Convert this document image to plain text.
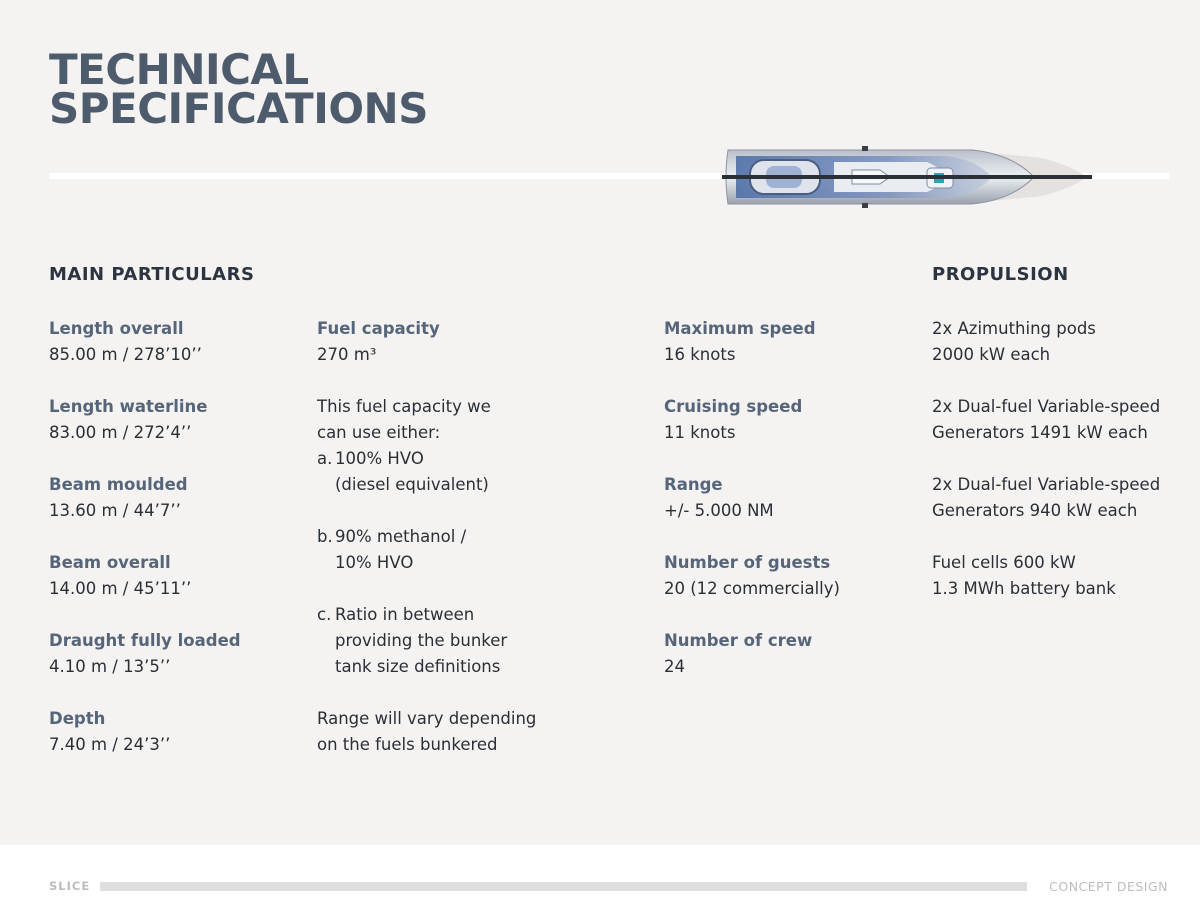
TECHNICAL
SPECIFICATIONS
MAIN PARTICULARS	PROPULSION
Length overall
85.00 m / 278’10’’
Length waterline
83.00 m / 272’4’’
Beam moulded
13.60 m / 44’7’’
Beam overall
14.00 m / 45’11’’
Draught fully loaded
4.10 m / 13’5’’
Depth
7.40 m / 24’3’’
Fuel capacity
270 m³
This fuel capacity we
can use either:
a. 100% HVO
(diesel equivalent)
b. 90% methanol /
10% HVO
c. Ratio in between
providing the bunker
tank size definitions
Range will vary depending
on the fuels bunkered
Maximum speed
16 knots
Cruising speed
11 knots
Range
+/- 5.000 NM
Number of guests
20 (12 commercially)
Number of crew
24
2x Azimuthing pods
2000 kW each
2x Dual-fuel Variable-speed
Generators 1491 kW each
2x Dual-fuel Variable-speed
Generators 940 kW each
Fuel cells 600 kW
1.3 MWh battery bank
SLICE	CONCEPT DESIGN
